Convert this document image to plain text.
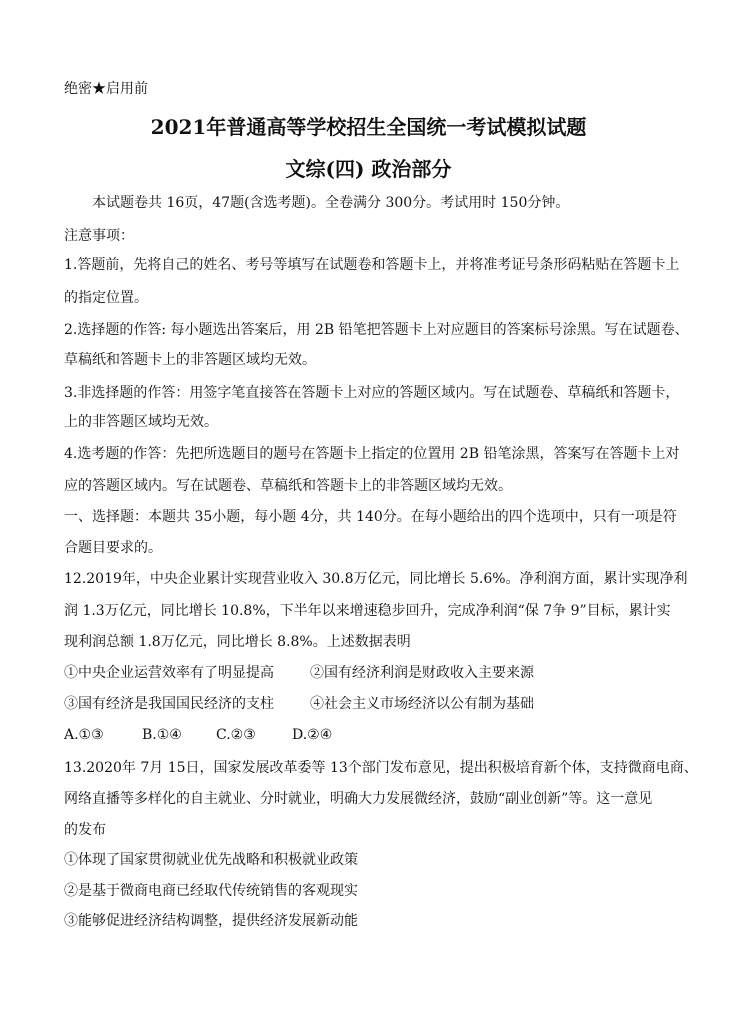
绝密★启用前
2021年普通高等学校招生全国统一考试模拟试题
文综(四) 政治部分
本试题卷共 16页，47题(含选考题)。全卷满分 300分。考试用时 150分钟。
注意事项：
1.答题前，先将自己的姓名、考号等填写在试题卷和答题卡上，并将准考证号条形码粘贴在答题卡上
的指定位置。
2.选择题的作答: 每小题选出答案后，用 2B 铅笔把答题卡上对应题目的答案标号涂黑。写在试题卷、
草稿纸和答题卡上的非答题区域均无效。
3.非选择题的作答：用签字笔直接答在答题卡上对应的答题区域内。写在试题卷、草稿纸和答题卡，
上的非答题区域均无效。
4.选考题的作答：先把所选题目的题号在答题卡上指定的位置用 2B 铅笔涂黑，答案写在答题卡上对
应的答题区域内。写在试题卷、草稿纸和答题卡上的非答题区域均无效。
一、选择题：本题共 35小题，每小题 4分，共 140分。在每小题给出的四个选项中，只有一项是符
合题目要求的。
12.2019年，中央企业累计实现营业收入 30.8万亿元，同比增长 5.6%。净利润方面，累计实现净利
润 1.3万亿元，同比增长 10.8%，下半年以来增速稳步回升，完成净利润“保 7争 9”目标，累计实
现利润总额 1.8万亿元，同比增长 8.8%。上述数据表明
①中央企业运营效率有了明显提高	②国有经济利润是财政收入主要来源
③国有经济是我国国民经济的支柱	④社会主义市场经济以公有制为基础
A.①③	B.①④ C.②③	D.②④
13.2020年 7月 15日，国家发展改革委等 13个部门发布意见，提出积极培育新个体，支持微商电商、
网络直播等多样化的自主就业、分时就业，明确大力发展微经济，鼓励“副业创新”等。这一意见
的发布
①体现了国家贯彻就业优先战略和积极就业政策
②是基于微商电商已经取代传统销售的客观现实
③能够促进经济结构调整，提供经济发展新动能
